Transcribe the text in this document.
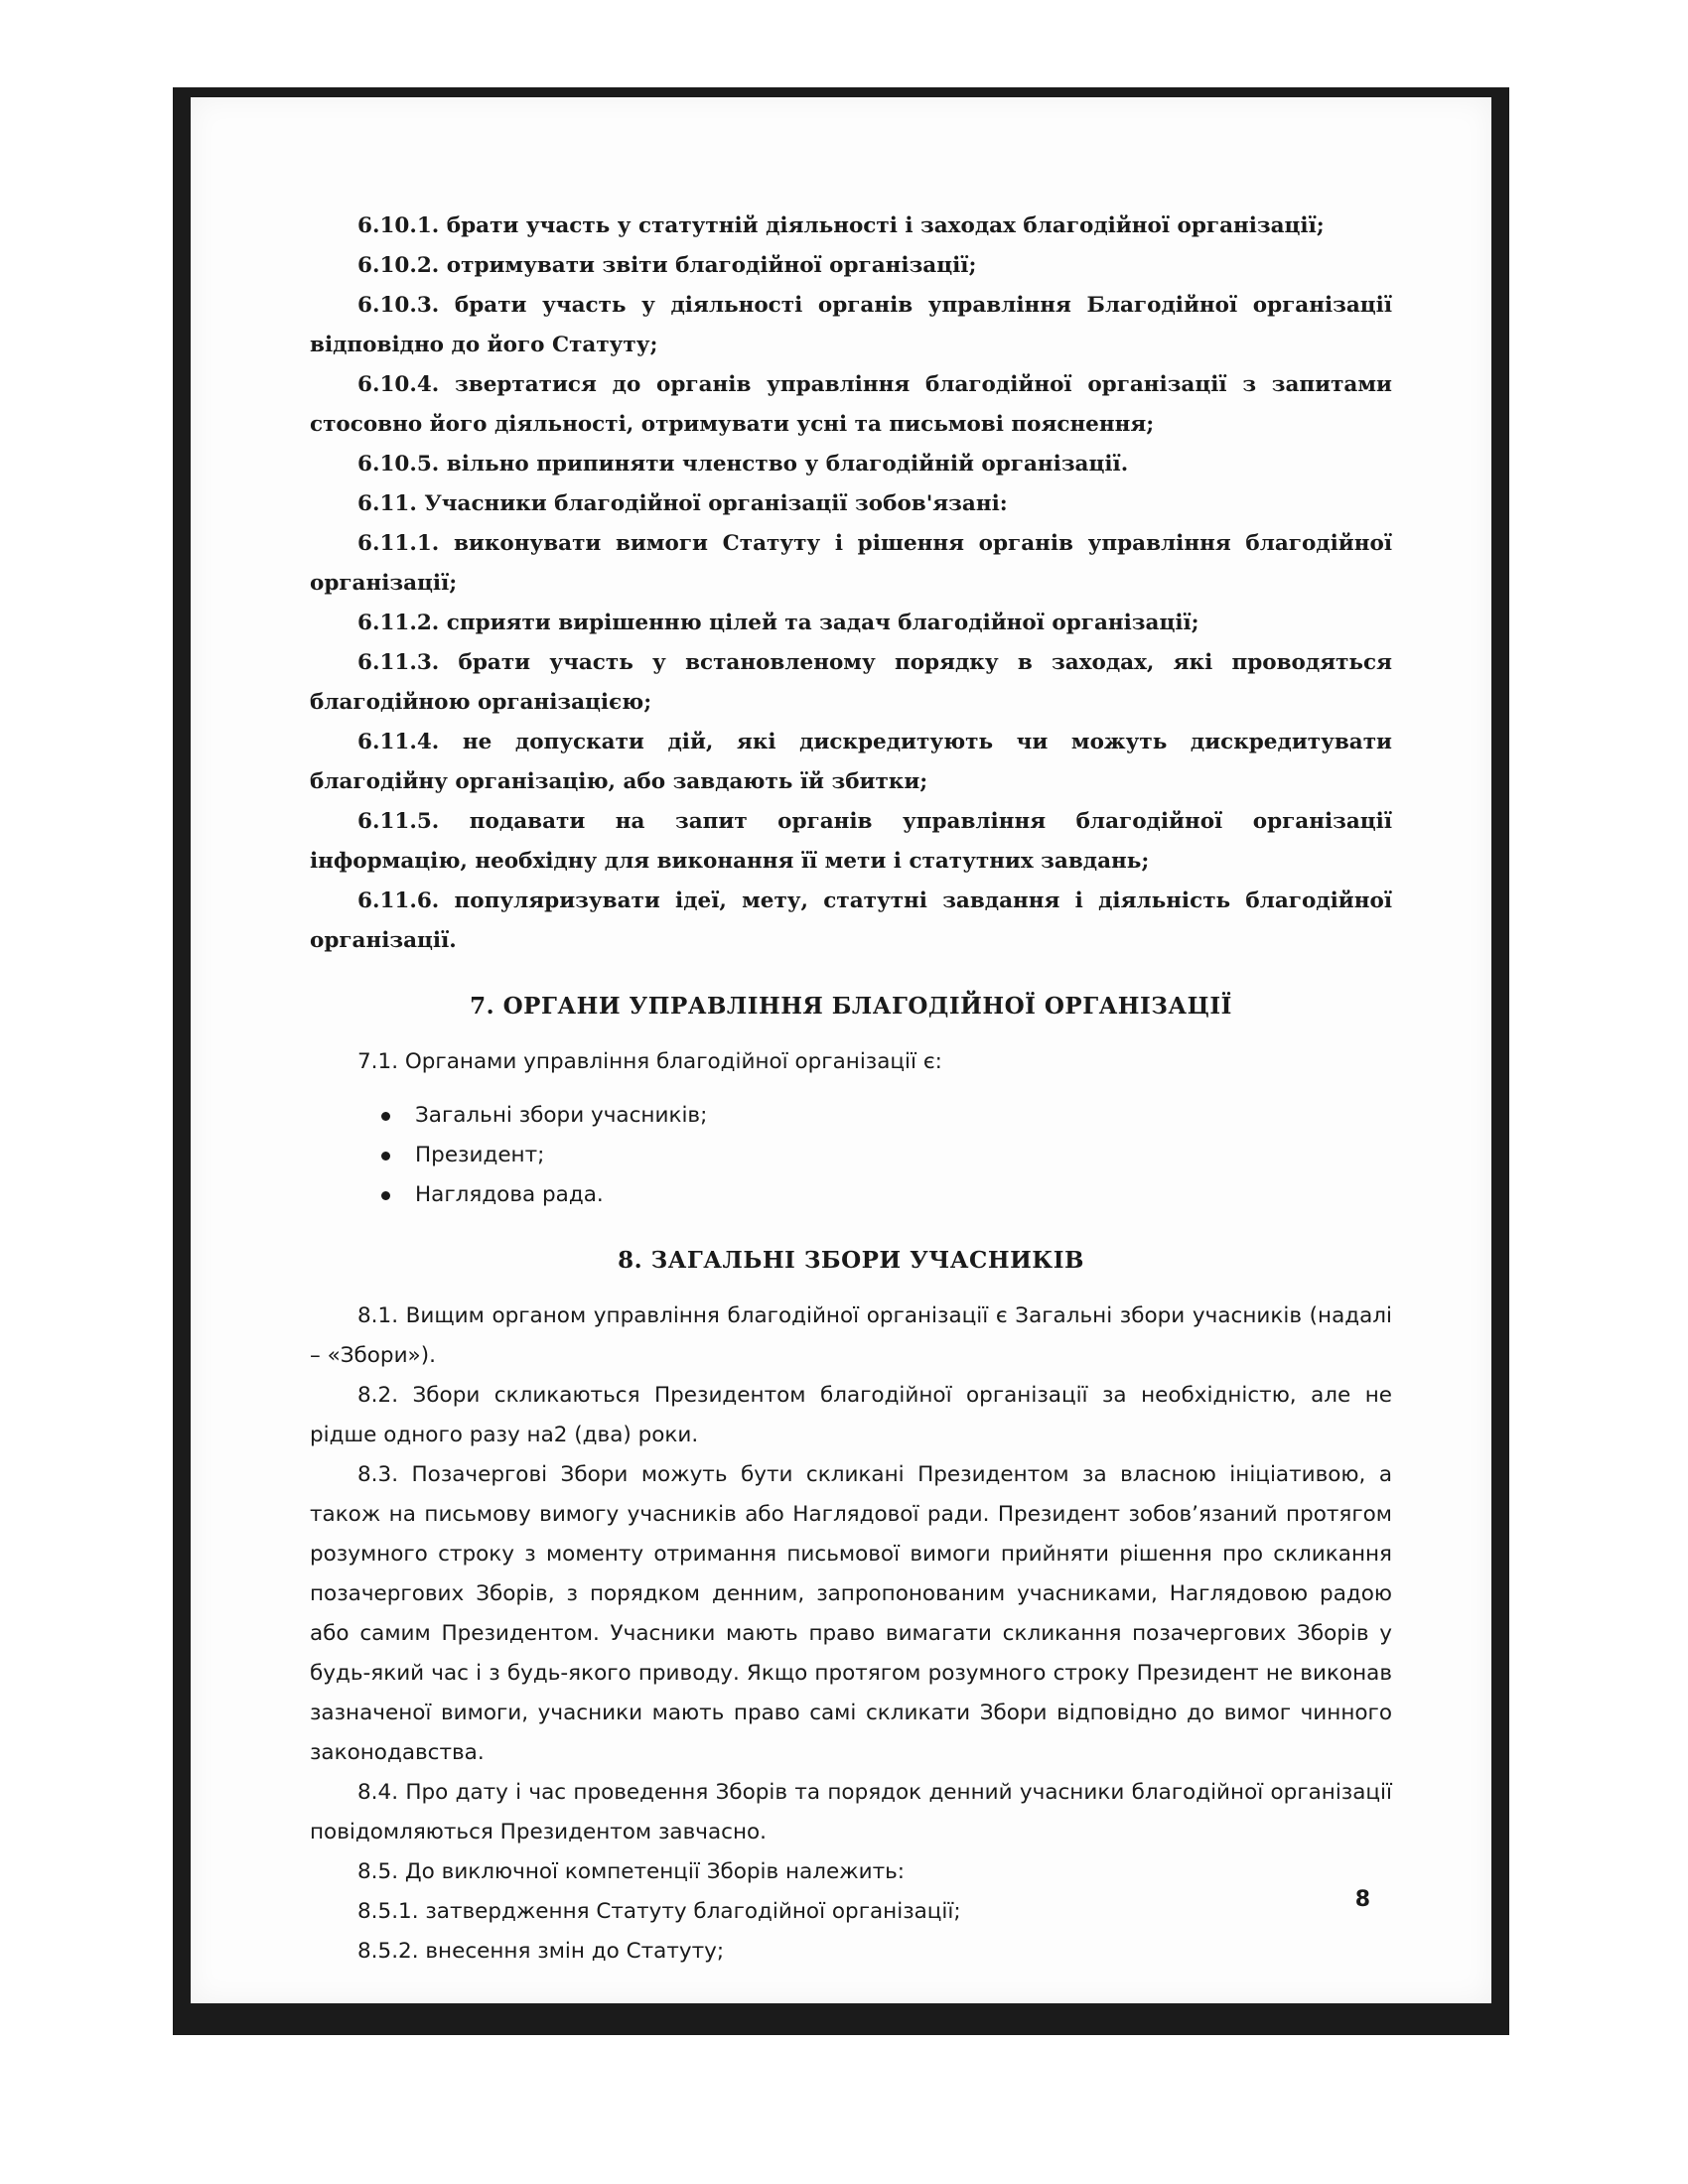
6.10.1. брати участь у статутній діяльності і заходах благодійної організації;

6.10.2. отримувати звіти благодійної організації;

6.10.3. брати участь у діяльності органів управління Благодійної організації відповідно до його Статуту;

6.10.4. звертатися до органів управління благодійної організації з запитами стосовно його діяльності, отримувати усні та письмові пояснення;

6.10.5. вільно припиняти членство у благодійній організації.

6.11. Учасники благодійної організації зобов'язані:

6.11.1. виконувати вимоги Статуту і рішення органів управління благодійної організації;

6.11.2. сприяти вирішенню цілей та задач благодійної організації;

6.11.3. брати участь у встановленому порядку в заходах, які проводяться благодійною організацією;

6.11.4. не допускати дій, які дискредитують чи можуть дискредитувати благодійну організацію, або завдають їй збитки;

6.11.5. подавати на запит органів управління благодійної організації інформацію, необхідну для виконання її мети і статутних завдань;

6.11.6. популяризувати ідеї, мету, статутні завдання і діяльність благодійної організації.

7. ОРГАНИ УПРАВЛІННЯ БЛАГОДІЙНОЇ ОРГАНІЗАЦІЇ

7.1. Органами управління благодійної організації є:

Загальні збори учасників;
Президент;
Наглядова рада.
8. ЗАГАЛЬНІ ЗБОРИ УЧАСНИКІВ

8.1. Вищим органом управління благодійної організації є Загальні збори учасників (надалі – «Збори»).

8.2. Збори скликаються Президентом благодійної організації за необхідністю, але не рідше одного разу на2 (два) роки.

8.3. Позачергові Збори можуть бути скликані Президентом за власною ініціативою, а також на письмову вимогу учасників або Наглядової ради. Президент зобов’язаний протягом розумного строку з моменту отримання письмової вимоги прийняти рішення про скликання позачергових Зборів, з порядком денним, запропонованим учасниками, Наглядовою радою або самим Президентом. Учасники мають право вимагати скликання позачергових Зборів у будь-який час і з будь-якого приводу. Якщо протягом розумного строку Президент не виконав зазначеної вимоги, учасники мають право самі скликати Збори відповідно до вимог чинного законодавства.

8.4. Про дату і час проведення Зборів та порядок денний учасники благодійної організації повідомляються Президентом завчасно.

8.5. До виключної компетенції Зборів належить:

8.5.1. затвердження Статуту благодійної організації;

8.5.2. внесення змін до Статуту;

8
